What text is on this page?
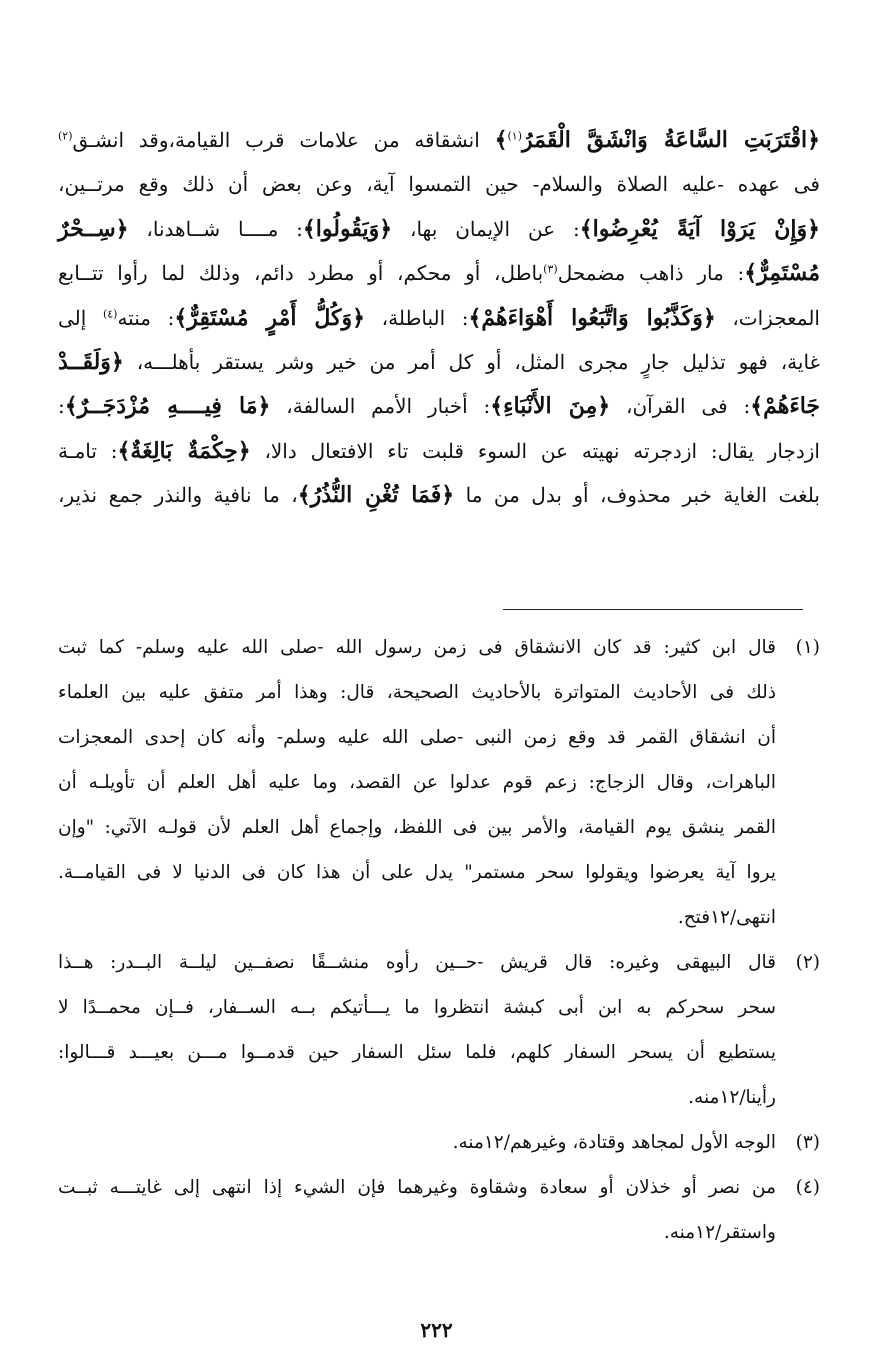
﴿اقْتَرَبَتِ السَّاعَةُ وَانْشَقَّ الْقَمَرُ$^{(١)}$﴾ انشقاقه من علامات قرب القيامة،وقد انشـق$^{(٢)}$
فى عهده -عليه الصلاة والسلام- حين التمسوا آية، وعن بعض أن ذلك وقع مرتــين،
﴿وَإِنْ يَرَوْا آيَةً يُعْرِضُوا﴾: عن الإيمان بها، ﴿وَيَقُولُوا﴾: مــــا شــاهدنا، ﴿سِــحْرٌ
مُسْتَمِرٌّ﴾: مار ذاهب مضمحل$^{(٣)}$باطل، أو محكم، أو مطرد دائم، وذلك لما رأوا تتــابع
المعجزات، ﴿وَكَذَّبُوا وَاتَّبَعُوا أَهْوَاءَهُمْ﴾: الباطلة، ﴿وَكُلُّ أَمْرٍ مُسْتَقِرٌّ﴾: منته$^{(٤)}$ إلى
غاية، فهو تذليل جارٍ مجرى المثل، أو كل أمر من خير وشر يستقر بأهلـــه، ﴿وَلَقَــدْ
جَاءَهُمْ﴾: فى القرآن، ﴿مِنَ الأَنْبَاءِ﴾: أخبار الأمم السالفة، ﴿مَا فِيــــهِ مُزْدَجَــرٌ﴾:
ازدجار يقال: ازدجرته نهيته عن السوء قلبت تاء الافتعال دالا، ﴿حِكْمَةٌ بَالِغَةٌ﴾: تامـة
بلغت الغاية خبر محذوف، أو بدل من ما ﴿فَمَا تُغْنِ النُّذُرُ﴾، ما نافية والنذر جمع نذير،
(١)قال ابن كثير: قد كان الانشقاق فى زمن رسول الله -صلى الله عليه وسلم- كما ثبت
ذلك فى الأحاديث المتواترة بالأحاديث الصحيحة، قال: وهذا أمر متفق عليه بين العلماء
أن انشقاق القمر قد وقع زمن النبى -صلى الله عليه وسلم- وأنه كان إحدى المعجزات
الباهرات، وقال الزجاج: زعم قوم عدلوا عن القصد، وما عليه أهل العلم أن تأويلـه أن
القمر ينشق يوم القيامة، والأمر بين فى اللفظ، وإجماع أهل العلم لأن قولـه الآتي: "وإن
يروا آية يعرضوا ويقولوا سحر مستمر" يدل على أن هذا كان فى الدنيا لا فى القيامــة.
انتهى/١٢فتح.
(٢)قال البيهقى وغيره: قال قريش -حــين رأوه منشــقًا نصفــين ليلــة البــدر: هــذا
سحر سحركم به ابن أبى كبشة انتظروا ما يـــأتيكم بــه الســفار، فــإن محمــدًا لا
يستطيع أن يسحر السفار كلهم، فلما سئل السفار حين قدمــوا مـــن بعيـــد قـــالوا:
رأينا/١٢منه.
(٣)الوجه الأول لمجاهد وقتادة، وغيرهم/١٢منه.
(٤)من نصر أو خذلان أو سعادة وشقاوة وغيرهما فإن الشيء إذا انتهى إلى غايتـــه ثبــت
واستقر/١٢منه.
٢٢٢
